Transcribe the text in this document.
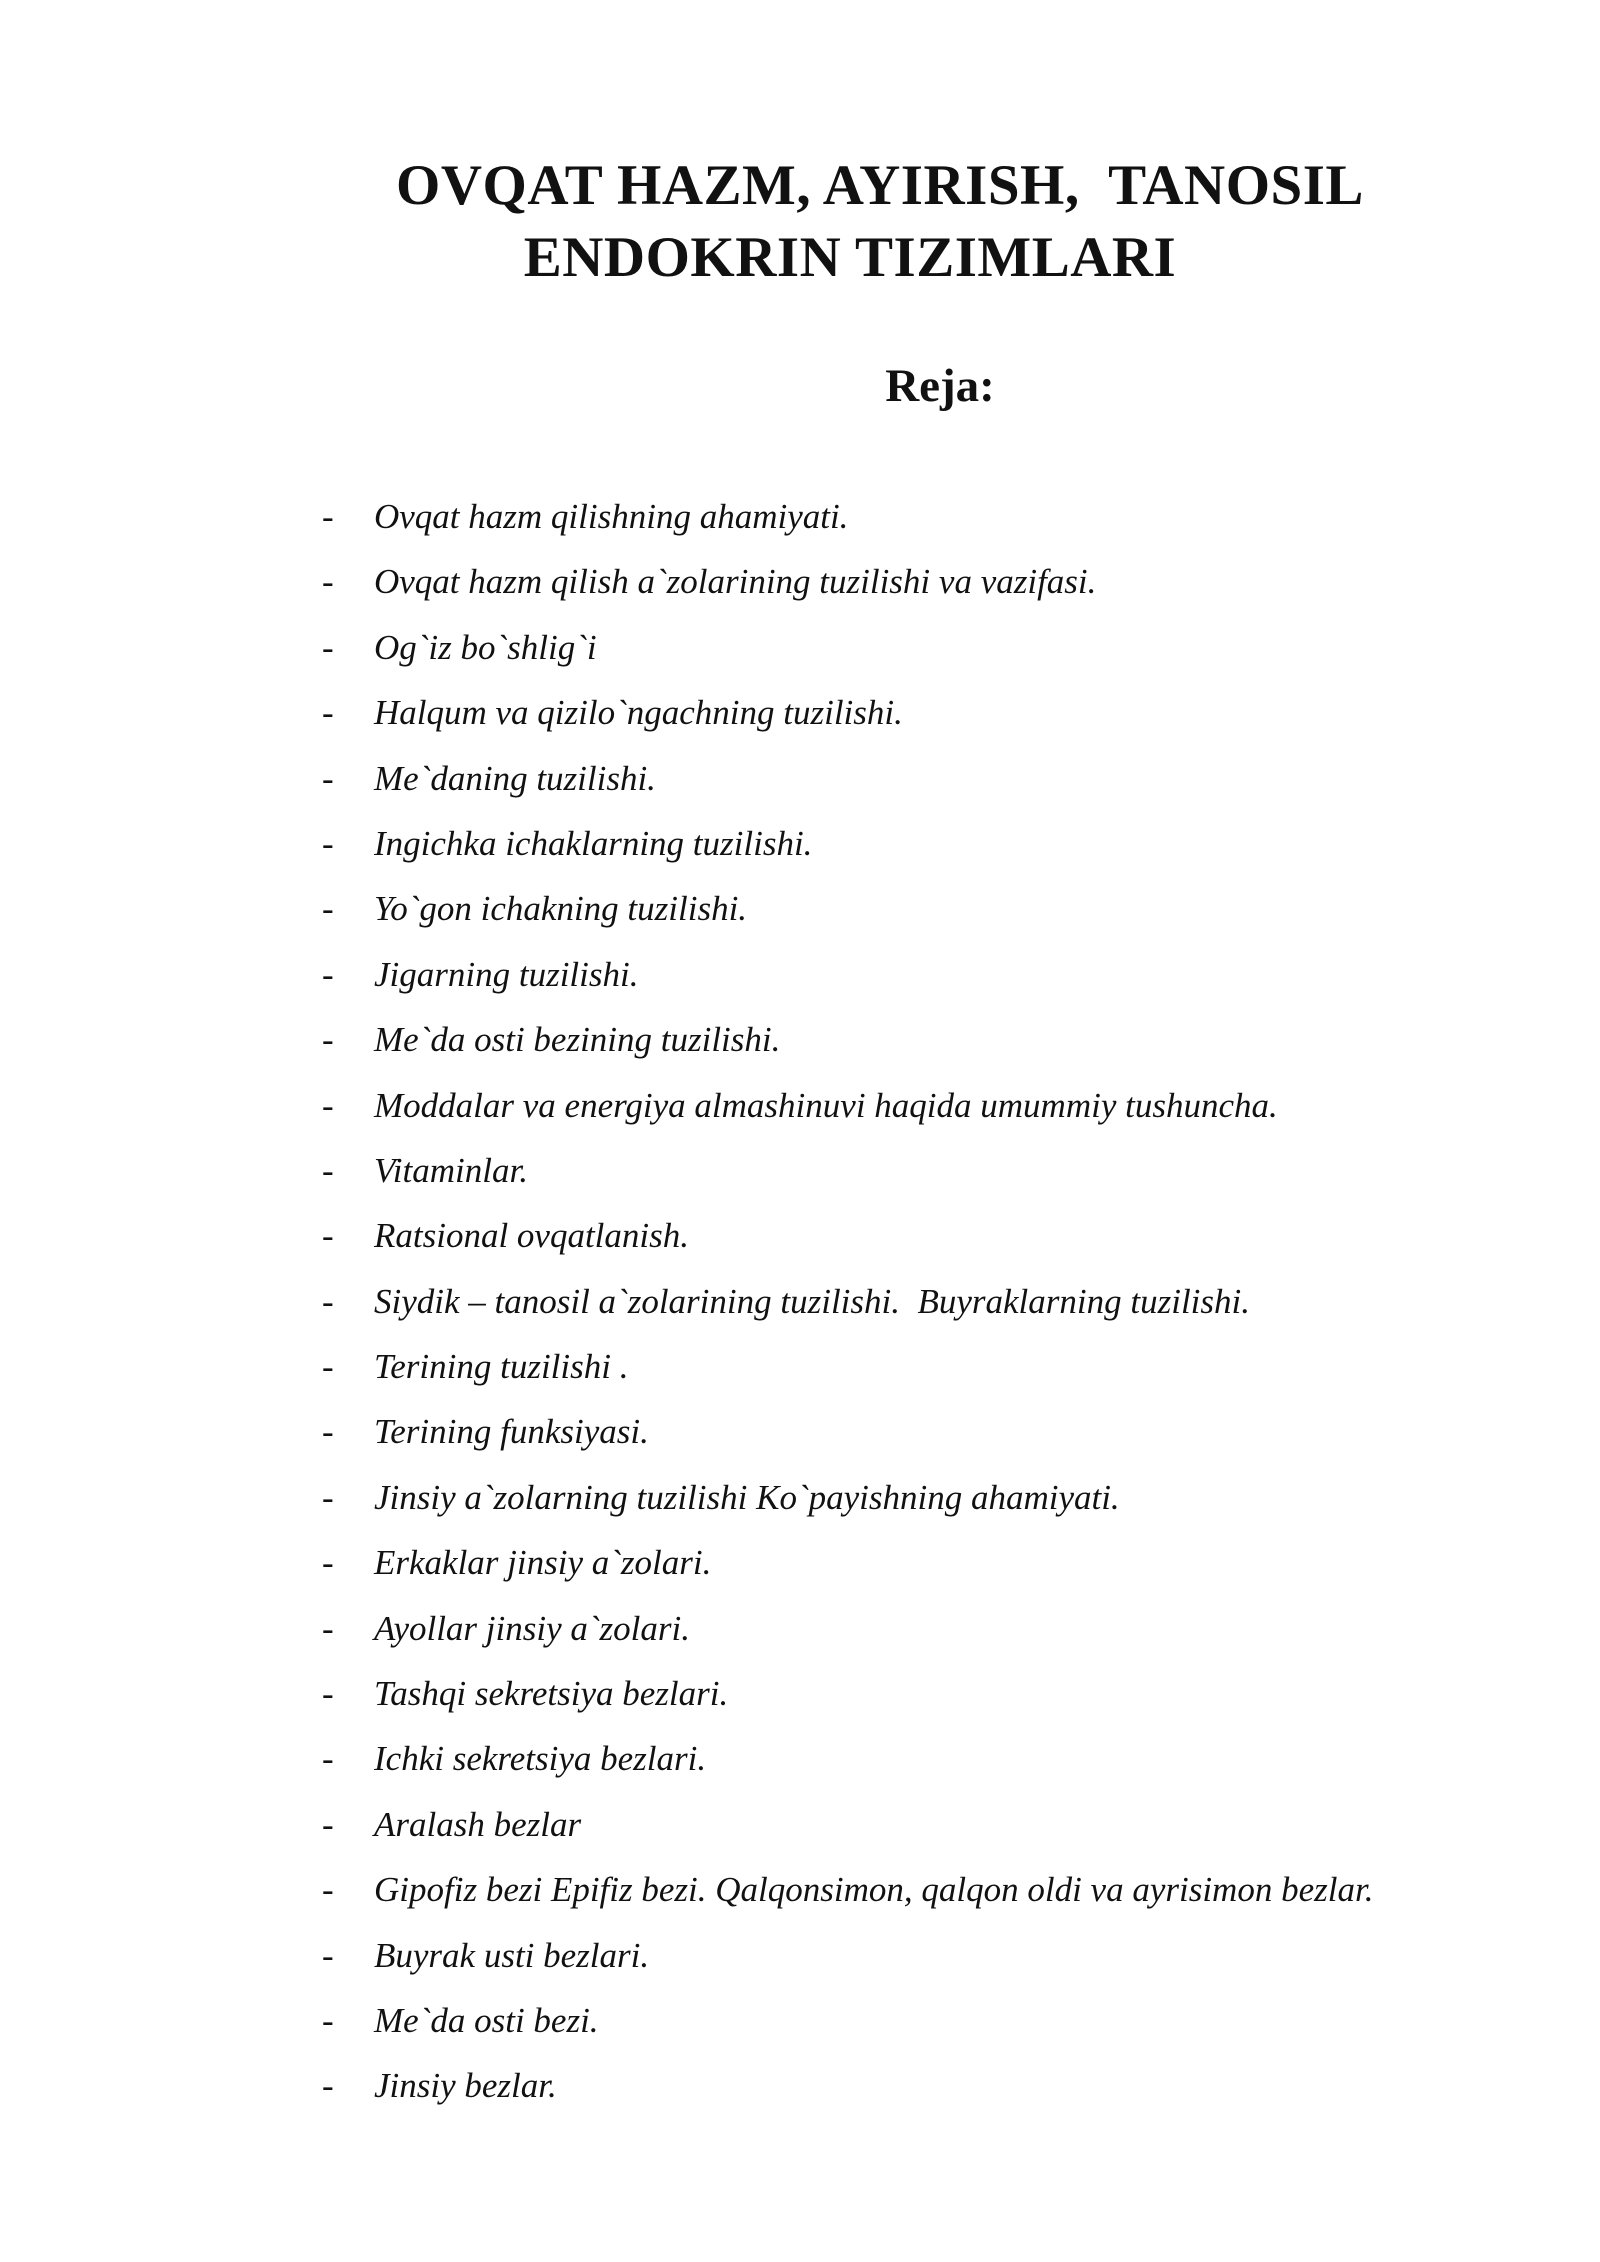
OVQAT HAZM, AYIRISH,  TANOSIL
ENDOKRIN TIZIMLARI
Reja:
-	Ovqat hazm qilishning ahamiyati.
-	Ovqat hazm qilish a`zolarining tuzilishi va vazifasi.
-	Og`iz bo`shlig`i
-	Halqum va qizilo`ngachning tuzilishi.
-	Me`daning tuzilishi.
-	Ingichka ichaklarning tuzilishi.
-	Yo`gon ichakning tuzilishi.
-	Jigarning tuzilishi.
-	Me`da osti bezining tuzilishi.
-	Moddalar va energiya almashinuvi haqida umummiy tushuncha.
-	Vitaminlar.
-	Ratsional ovqatlanish.
-	Siydik – tanosil a`zolarining tuzilishi.  Buyraklarning tuzilishi.
-	Terining tuzilishi .
-	Terining funksiyasi.
-	Jinsiy a`zolarning tuzilishi Ko`payishning ahamiyati.
-	Erkaklar jinsiy a`zolari.
-	Ayollar jinsiy a`zolari.
-	Tashqi sekretsiya bezlari.
-	Ichki sekretsiya bezlari.
-	Aralash bezlar
-	Gipofiz bezi Epifiz bezi. Qalqonsimon, qalqon oldi va ayrisimon bezlar.
-	Buyrak usti bezlari.
-	Me`da osti bezi.
-	Jinsiy bezlar.
